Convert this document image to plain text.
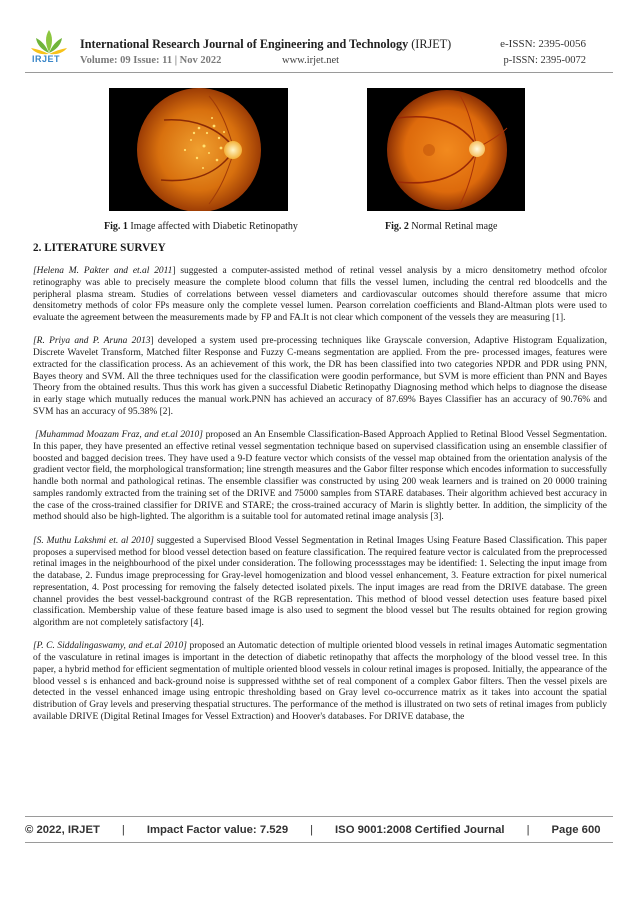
IRJET
International Research Journal of Engineering and Technology (IRJET)
Volume: 09 Issue: 11 | Nov 2022	www.irjet.net
e-ISSN: 2395-0056
p-ISSN: 2395-0072
Fig. 1 Image affected with Diabetic Retinopathy	Fig. 2 Normal Retinal mage
2. LITERATURE SURVEY

[Helena M. Pakter and et.al 2011] suggested a computer-assisted method of retinal vessel analysis by a micro densitometry method ofcolor retinography was able to precisely measure the complete blood column that fills the vessel lumen, including the central red bloodcells and the peripheral plasma stream. Studies of correlations between vessel diameters and cardiovascular outcomes should therefore assume that micro densitometry methods of color FPs measure only the complete vessel lumen. Pearson correlation coefficients and Bland-Altman plots were used to evaluate the agreement between the measurements made by FP and FA.It is not clear which component of the vessels they are measuring [1].

[R. Priya and P. Aruna 2013] developed a system used pre-processing techniques like Grayscale conversion, Adaptive Histogram Equalization, Discrete Wavelet Transform, Matched filter Response and Fuzzy C-means segmentation are applied. From the pre- processed images, features were extracted for the classification process. As an achievement of this work, the DR has been classified into two categories NPDR and PDR using PNN, Bayes theory and SVM. All the three techniques used for the classification were goodin performance, but SVM is more efficient than PNN and Bayes Theory from the obtained results. Thus this work has given a successful Diabetic Retinopathy Diagnosing method which helps to diagnose the disease in early stage which mutually reduces the manual work.PNN has achieved an accuracy of 87.69% Bayes Classifier has an accuracy of 90.76% and SVM has an accuracy of 95.38% [2].

[Muhammad Moazam Fraz, and et.al 2010] proposed an An Ensemble Classification-Based Approach Applied to Retinal Blood Vessel Segmentation. In this paper, they have presented an effective retinal vessel segmentation technique based on supervised classification using an ensemble classifier of boosted and bagged decision trees. They have used a 9-D feature vector which consists of the vessel map obtained from the orientation analysis of the gradient vector field, the morphological transformation; line strength measures and the Gabor filter response which encodes information to successfully handle both normal and pathological retinas. The ensemble classifier was constructed by using 200 weak learners and is trained on 20 0000 training samples randomly extracted from the training set of the DRIVE and 75000 samples from STARE databases. Their algorithm achieved best accuracy in the case of the cross-trained classifier for DRIVE and STARE; the cross-trained accuracy of Marin is slightly better. In addition, the simplicity of the method should also be high-lighted. The algorithm is a suitable tool for automated retinal image analysis [3].

[S. Muthu Lakshmi et. al 2010] suggested a Supervised Blood Vessel Segmentation in Retinal Images Using Feature Based Classification. This paper proposes a supervised method for blood vessel detection based on feature classification. The required feature vector is calculated from the preprocessed retinal images in the neighbourhood of the pixel under consideration. The following processstages may be identified: 1. Selecting the input image from the database, 2. Fundus image preprocessing for Gray-level homogenization and blood vessel enhancement, 3. Feature extraction for pixel numerical representation, 4. Post processing for removing the falsely detected isolated pixels. The input images are read from the DRIVE database. The green channel provides the best vessel-background contrast of the RGB representation. This method of blood vessel detection uses feature based pixel classification. Membership value of these feature based image is also used to segment the blood vessel but The results obtained for region growing algorithm are not completely satisfactory [4].

[P. C. Siddalingaswamy, and et.al 2010] proposed an Automatic detection of multiple oriented blood vessels in retinal images Automatic segmentation of the vasculature in retinal images is important in the detection of diabetic retinopathy that affects the morphology of the blood vessel tree. In this paper, a hybrid method for efficient segmentation of multiple oriented blood vessels in colour retinal images is proposed. Initially, the appearance of the blood vessel s is enhanced and back-ground noise is suppressed withthe set of real component of a complex Gabor filters. Then the vessel pixels are detected in the vessel enhanced image using entropic thresholding based on Gray level co-occurrence matrix as it takes into account the spatial distribution of Gray levels and preserving thespatial structures. The performance of the method is illustrated on two sets of retinal images from publicly available DRIVE (Digital Retinal Images for Vessel Extraction) and Hoover's databases. For DRIVE database, the

© 2022, IRJET | Impact Factor value: 7.529 | ISO 9001:2008 Certified Journal | Page 600
